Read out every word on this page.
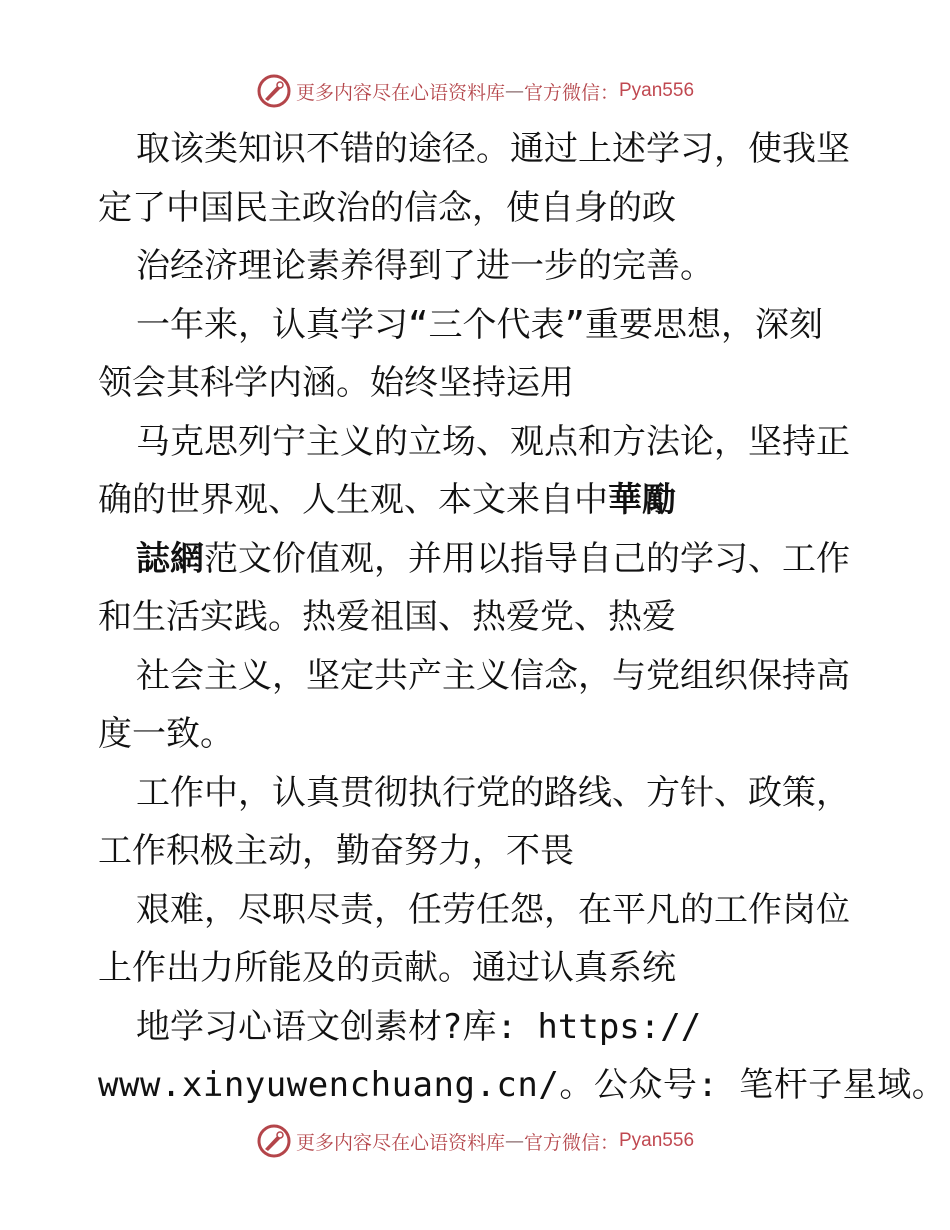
更多内容尽在心语资料库 — 官方微信： Pyan556
取该类知识不错的途径。通过上述学习，使我坚
定了中国民主政治的信念，使自身的政
治经济理论素养得到了进一步的完善。
一年来，认真学习“三个代表”重要思想，深刻
领会其科学内涵。始终坚持运用
马克思列宁主义的立场、观点和方法论，坚持正
确的世界观、人生观、本文来自中華勵
誌網范文价值观，并用以指导自己的学习、工作
和生活实践。热爱祖国、热爱党、热爱
社会主义，坚定共产主义信念，与党组织保持高
度一致。
工作中，认真贯彻执行党的路线、方针、政策，
工作积极主动，勤奋努力，不畏
艰难，尽职尽责，任劳任怨，在平凡的工作岗位
上作出力所能及的贡献。通过认真系统
地学习心语文创素材?库: https://
www.xinyuwenchuang.cn/。公众号: 笔杆子星域。
更多内容尽在心语资料库 — 官方微信： Pyan556
